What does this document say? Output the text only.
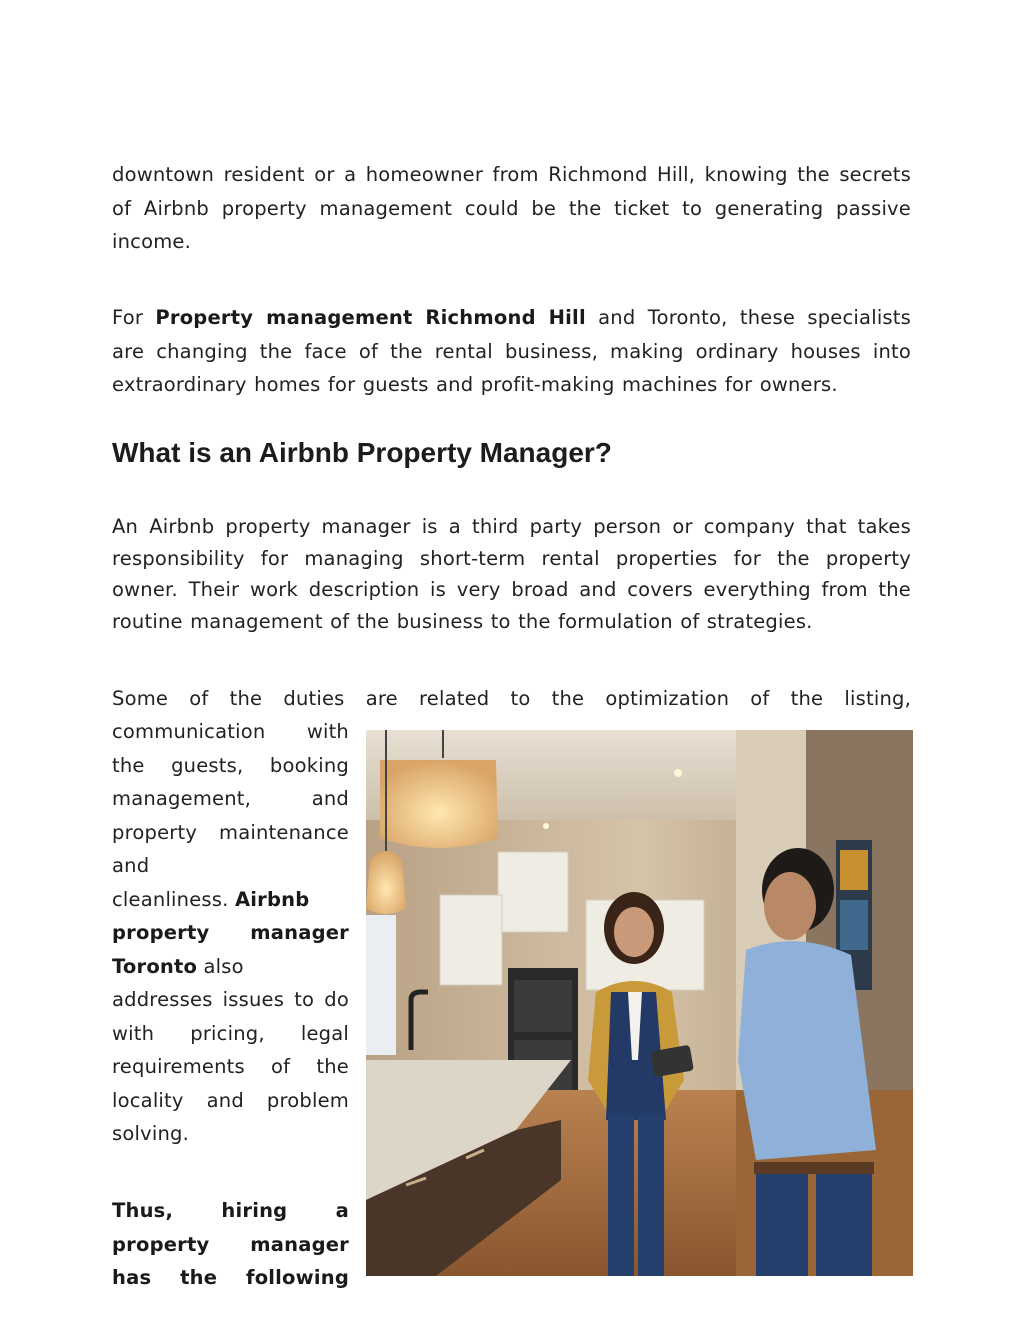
downtown resident or a homeowner from Richmond Hill, knowing the secrets of Airbnb property management could be the ticket to generating passive income.

For Property management Richmond Hill and Toronto, these specialists are changing the face of the rental business, making ordinary houses into extraordinary homes for guests and profit-making machines for owners.

What is an Airbnb Property Manager?

An Airbnb property manager is a third party person or company that takes responsibility for managing short-term rental properties for the property owner. Their work description is very broad and covers everything from the routine management of the business to the formulation of strategies.

Some of the duties are related to the optimization of the listing,

communication with
the guests, booking
management, and
property maintenance
and
cleanliness. Airbnb
property manager
Toronto also
addresses issues to do
with pricing, legal
requirements of the
locality and problem
solving.
Thus, hiring a
property manager
has the following
